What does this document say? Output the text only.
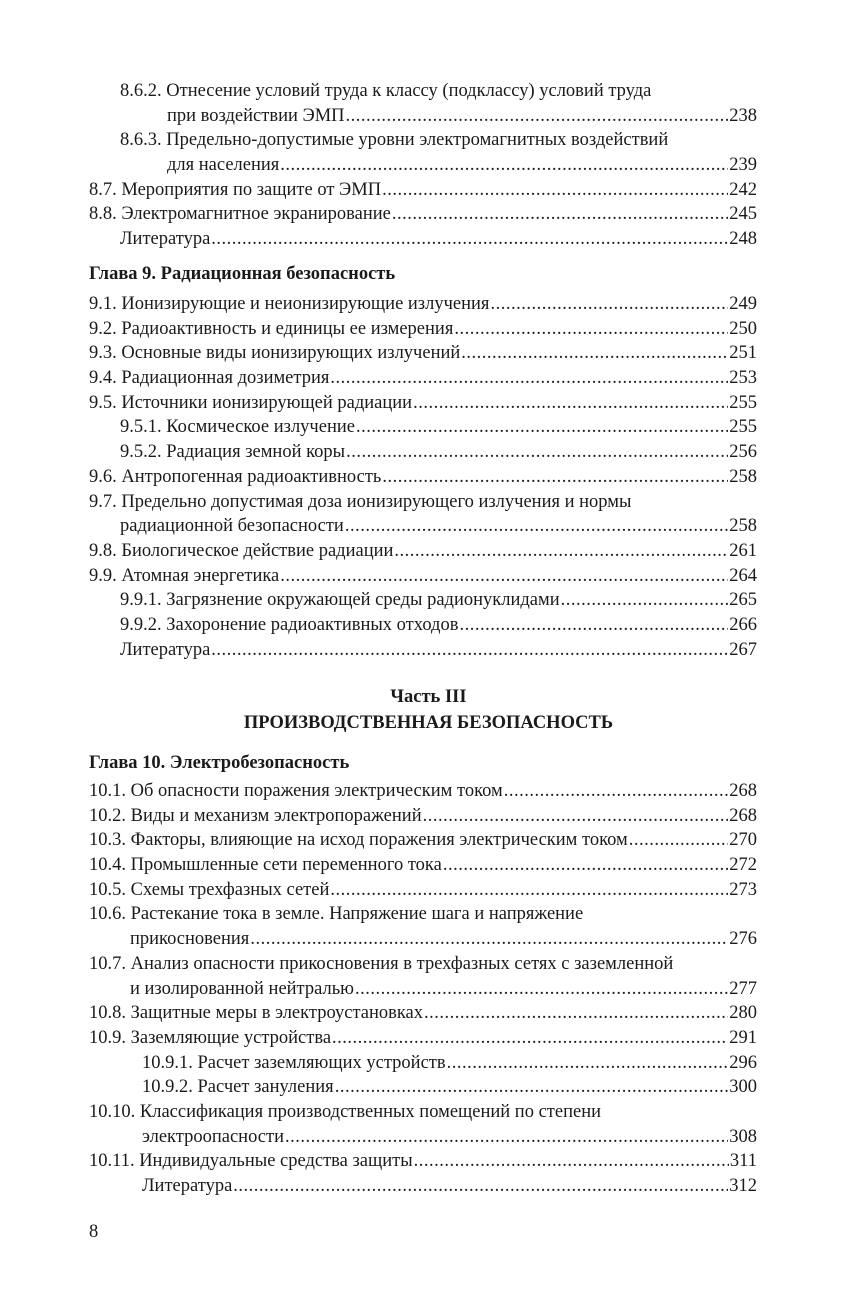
8.6.2. Отнесение условий труда к классу (подклассу) условий труда
при воздействии ЭМП .....	238
8.6.3. Предельно-допустимые уровни электромагнитных воздействий
для населения .....	239
8.7. Мероприятия по защите от ЭМП .....	242
8.8. Электромагнитное экранирование .....	245
Литература .....	248
Глава 9. Радиационная безопасность
9.1. Ионизирующие и неионизирующие излучения .....	249
9.2. Радиоактивность и единицы ее измерения .....	250
9.3. Основные виды ионизирующих излучений .....	251
9.4. Радиационная дозиметрия .....	253
9.5. Источники ионизирующей радиации .....	255
9.5.1. Космическое излучение .....	255
9.5.2. Радиация земной коры .....	256
9.6. Антропогенная радиоактивность .....	258
9.7. Предельно допустимая доза ионизирующего излучения и нормы
радиационной безопасности .....	258
9.8. Биологическое действие радиации .....	261
9.9. Атомная энергетика .....	264
9.9.1. Загрязнение окружающей среды радионуклидами .....	265
9.9.2. Захоронение радиоактивных отходов .....	266
Литература .....	267
Часть III
ПРОИЗВОДСТВЕННАЯ БЕЗОПАСНОСТЬ
Глава 10. Электробезопасность
10.1. Об опасности поражения электрическим током .....	268
10.2. Виды и механизм электропоражений .....	268
10.3. Факторы, влияющие на исход поражения электрическим током .....	270
10.4. Промышленные сети переменного тока .....	272
10.5. Схемы трехфазных сетей .....	273
10.6. Растекание тока в земле. Напряжение шага и напряжение
прикосновения .....	276
10.7. Анализ опасности прикосновения в трехфазных сетях с заземленной
и изолированной нейтралью .....	277
10.8. Защитные меры в электроустановках .....	280
10.9. Заземляющие устройства .....	291
10.9.1. Расчет заземляющих устройств .....	296
10.9.2. Расчет зануления .....	300
10.10. Классификация производственных помещений по степени
электроопасности .....	308
10.11. Индивидуальные средства защиты .....	311
Литература .....	312
8
